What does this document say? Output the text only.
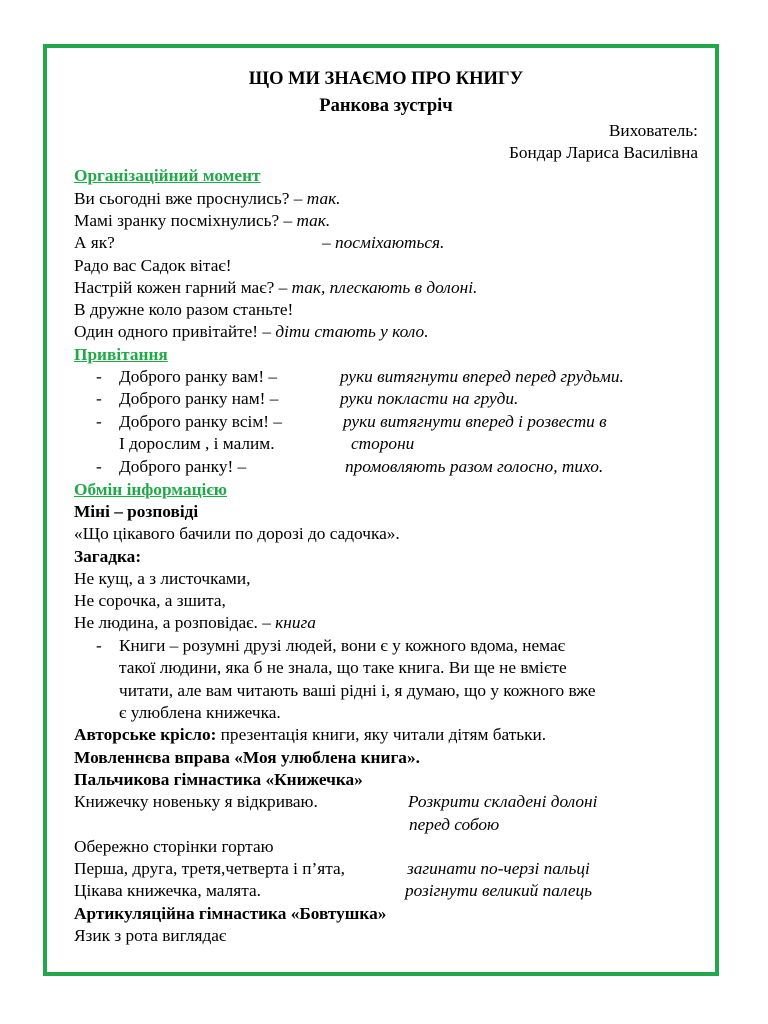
ЩО МИ ЗНАЄМО ПРО КНИГУ
Ранкова зустріч
Вихователь:
Бондар Лариса Василівна
Організаційний момент
Ви сьогодні вже проснулись? – так.
Мамі зранку посміхнулись? – так.
А як?	– посміхаються.
Радо вас Садок вітає!
Настрій кожен гарний має? – так, плескають в долоні.
В дружне коло разом станьте!
Один одного привітайте! – діти стають у коло.
Привітання
- Доброго ранку вам! –	руки витягнути вперед перед грудьми.
- Доброго ранку нам! –	руки покласти на груди.
- Доброго ранку всім! –	руки витягнути вперед і розвести в
І дорослим , і малим.	сторони
- Доброго ранку! –	промовляють разом голосно, тихо.
Обмін інформацією
Міні – розповіді
«Що цікавого бачили по дорозі до садочка».
Загадка:
Не кущ, а з листочками,
Не сорочка, а зшита,
Не людина, а розповідає. – книга
- Книги – розумні друзі людей, вони є у кожного вдома, немає
такої людини, яка б не знала, що таке книга. Ви ще не вмієте
читати, але вам читають ваші рідні і, я думаю, що у кожного вже
є улюблена книжечка.
Авторське крісло: презентація книги, яку читали дітям батьки.
Мовленнєва вправа «Моя улюблена книга».
Пальчикова гімнастика «Книжечка»
Книжечку новеньку я відкриваю.	Розкрити складені долоні
перед собою
Обережно сторінки гортаю
Перша, друга, третя,четверта і п’ята,	загинати по-черзі пальці
Цікава книжечка, малята.	розігнути великий палець
Артикуляційна гімнастика «Бовтушка»
Язик з рота виглядає
